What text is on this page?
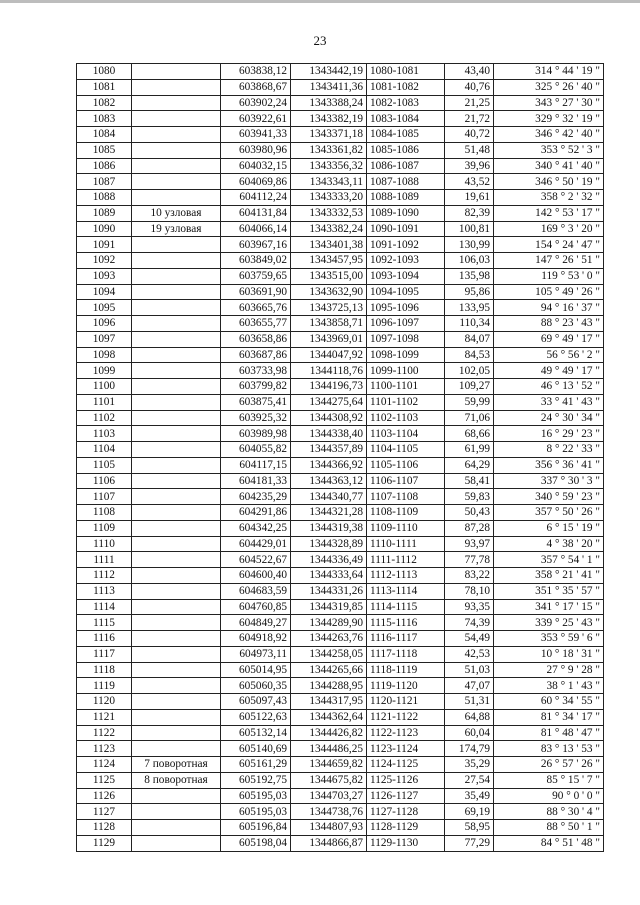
23
1080		603838,12	1343442,19	1080-1081	43,40	314 ° 44 ' 19 "
1081		603868,67	1343411,36	1081-1082	40,76	325 ° 26 ' 40 "
1082		603902,24	1343388,24	1082-1083	21,25	343 ° 27 ' 30 "
1083		603922,61	1343382,19	1083-1084	21,72	329 ° 32 ' 19 "
1084		603941,33	1343371,18	1084-1085	40,72	346 ° 42 ' 40 "
1085		603980,96	1343361,82	1085-1086	51,48	353 ° 52 ' 3 "
1086		604032,15	1343356,32	1086-1087	39,96	340 ° 41 ' 40 "
1087		604069,86	1343343,11	1087-1088	43,52	346 ° 50 ' 19 "
1088		604112,24	1343333,20	1088-1089	19,61	358 ° 2 ' 32 "
1089	10 узловая	604131,84	1343332,53	1089-1090	82,39	142 ° 53 ' 17 "
1090	19 узловая	604066,14	1343382,24	1090-1091	100,81	169 ° 3 ' 20 "
1091		603967,16	1343401,38	1091-1092	130,99	154 ° 24 ' 47 "
1092		603849,02	1343457,95	1092-1093	106,03	147 ° 26 ' 51 "
1093		603759,65	1343515,00	1093-1094	135,98	119 ° 53 ' 0 "
1094		603691,90	1343632,90	1094-1095	95,86	105 ° 49 ' 26 "
1095		603665,76	1343725,13	1095-1096	133,95	94 ° 16 ' 37 "
1096		603655,77	1343858,71	1096-1097	110,34	88 ° 23 ' 43 "
1097		603658,86	1343969,01	1097-1098	84,07	69 ° 49 ' 17 "
1098		603687,86	1344047,92	1098-1099	84,53	56 ° 56 ' 2 "
1099		603733,98	1344118,76	1099-1100	102,05	49 ° 49 ' 17 "
1100		603799,82	1344196,73	1100-1101	109,27	46 ° 13 ' 52 "
1101		603875,41	1344275,64	1101-1102	59,99	33 ° 41 ' 43 "
1102		603925,32	1344308,92	1102-1103	71,06	24 ° 30 ' 34 "
1103		603989,98	1344338,40	1103-1104	68,66	16 ° 29 ' 23 "
1104		604055,82	1344357,89	1104-1105	61,99	8 ° 22 ' 33 "
1105		604117,15	1344366,92	1105-1106	64,29	356 ° 36 ' 41 "
1106		604181,33	1344363,12	1106-1107	58,41	337 ° 30 ' 3 "
1107		604235,29	1344340,77	1107-1108	59,83	340 ° 59 ' 23 "
1108		604291,86	1344321,28	1108-1109	50,43	357 ° 50 ' 26 "
1109		604342,25	1344319,38	1109-1110	87,28	6 ° 15 ' 19 "
1110		604429,01	1344328,89	1110-1111	93,97	4 ° 38 ' 20 "
1111		604522,67	1344336,49	1111-1112	77,78	357 ° 54 ' 1 "
1112		604600,40	1344333,64	1112-1113	83,22	358 ° 21 ' 41 "
1113		604683,59	1344331,26	1113-1114	78,10	351 ° 35 ' 57 "
1114		604760,85	1344319,85	1114-1115	93,35	341 ° 17 ' 15 "
1115		604849,27	1344289,90	1115-1116	74,39	339 ° 25 ' 43 "
1116		604918,92	1344263,76	1116-1117	54,49	353 ° 59 ' 6 "
1117		604973,11	1344258,05	1117-1118	42,53	10 ° 18 ' 31 "
1118		605014,95	1344265,66	1118-1119	51,03	27 ° 9 ' 28 "
1119		605060,35	1344288,95	1119-1120	47,07	38 ° 1 ' 43 "
1120		605097,43	1344317,95	1120-1121	51,31	60 ° 34 ' 55 "
1121		605122,63	1344362,64	1121-1122	64,88	81 ° 34 ' 17 "
1122		605132,14	1344426,82	1122-1123	60,04	81 ° 48 ' 47 "
1123		605140,69	1344486,25	1123-1124	174,79	83 ° 13 ' 53 "
1124	7 поворотная	605161,29	1344659,82	1124-1125	35,29	26 ° 57 ' 26 "
1125	8 поворотная	605192,75	1344675,82	1125-1126	27,54	85 ° 15 ' 7 "
1126		605195,03	1344703,27	1126-1127	35,49	90 ° 0 ' 0 "
1127		605195,03	1344738,76	1127-1128	69,19	88 ° 30 ' 4 "
1128		605196,84	1344807,93	1128-1129	58,95	88 ° 50 ' 1 "
1129		605198,04	1344866,87	1129-1130	77,29	84 ° 51 ' 48 "
